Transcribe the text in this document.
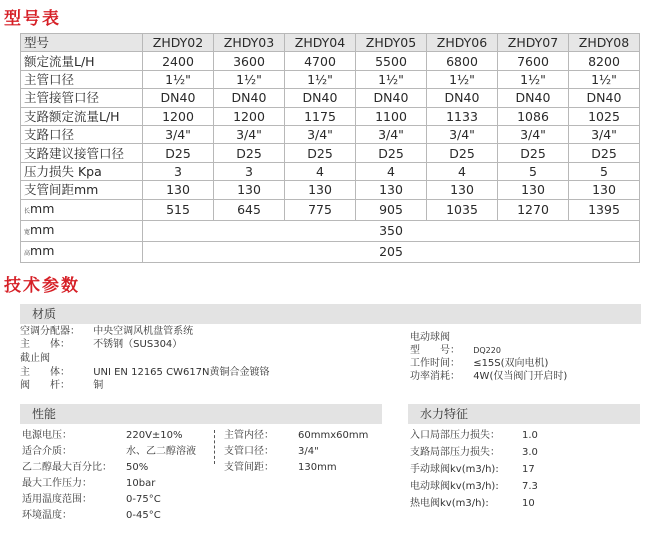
型号表
型号	ZHDY02	ZHDY03	ZHDY04	ZHDY05	ZHDY06	ZHDY07	ZHDY08
额定流量L/H	2400	3600	4700	5500	6800	7600	8200
主管口径	1½"	1½"	1½"	1½"	1½"	1½"	1½"
主管接管口径	DN40	DN40	DN40	DN40	DN40	DN40	DN40
支路额定流量L/H	1200	1200	1175	1100	1133	1086	1025
支路口径	3/4"	3/4"	3/4"	3/4"	3/4"	3/4"	3/4"
支路建议接管口径	D25	D25	D25	D25	D25	D25	D25
压力损失 Kpa	3	3	4	4	4	5	5
支管间距mm	130	130	130	130	130	130	130
长mm	515	645	775	905	1035	1270	1395
宽mm	350						
高mm	205						
技术参数
材质
空调分配器： 中央空调风机盘管系统
主　　体： 不锈钢（SUS304）
截止阀
主　　体： UNI EN 12165 CW617N黄铜合金镀铬
阀　　杆： 铜
电动球阀
型　　号： DQ220
工作时间： ≤15S(双向电机)
功率消耗： 4W(仅当阀门开启时)
性能	水力特征
电源电压：	220V±10%
适合介质：	水、乙二醇溶液
乙二醇最大百分比： 50%
最大工作压力：	10bar
适用温度范围：	0-75°C
环境温度：	0-45°C
主管内径： 60mmx60mm
支管口径： 3/4"
支管间距： 130mm
入口局部压力损失： 1.0
支路局部压力损失： 3.0
手动球阀kv(m3/h): 17
电动球阀kv(m3/h): 7.3
热电阀kv(m3/h):	10
